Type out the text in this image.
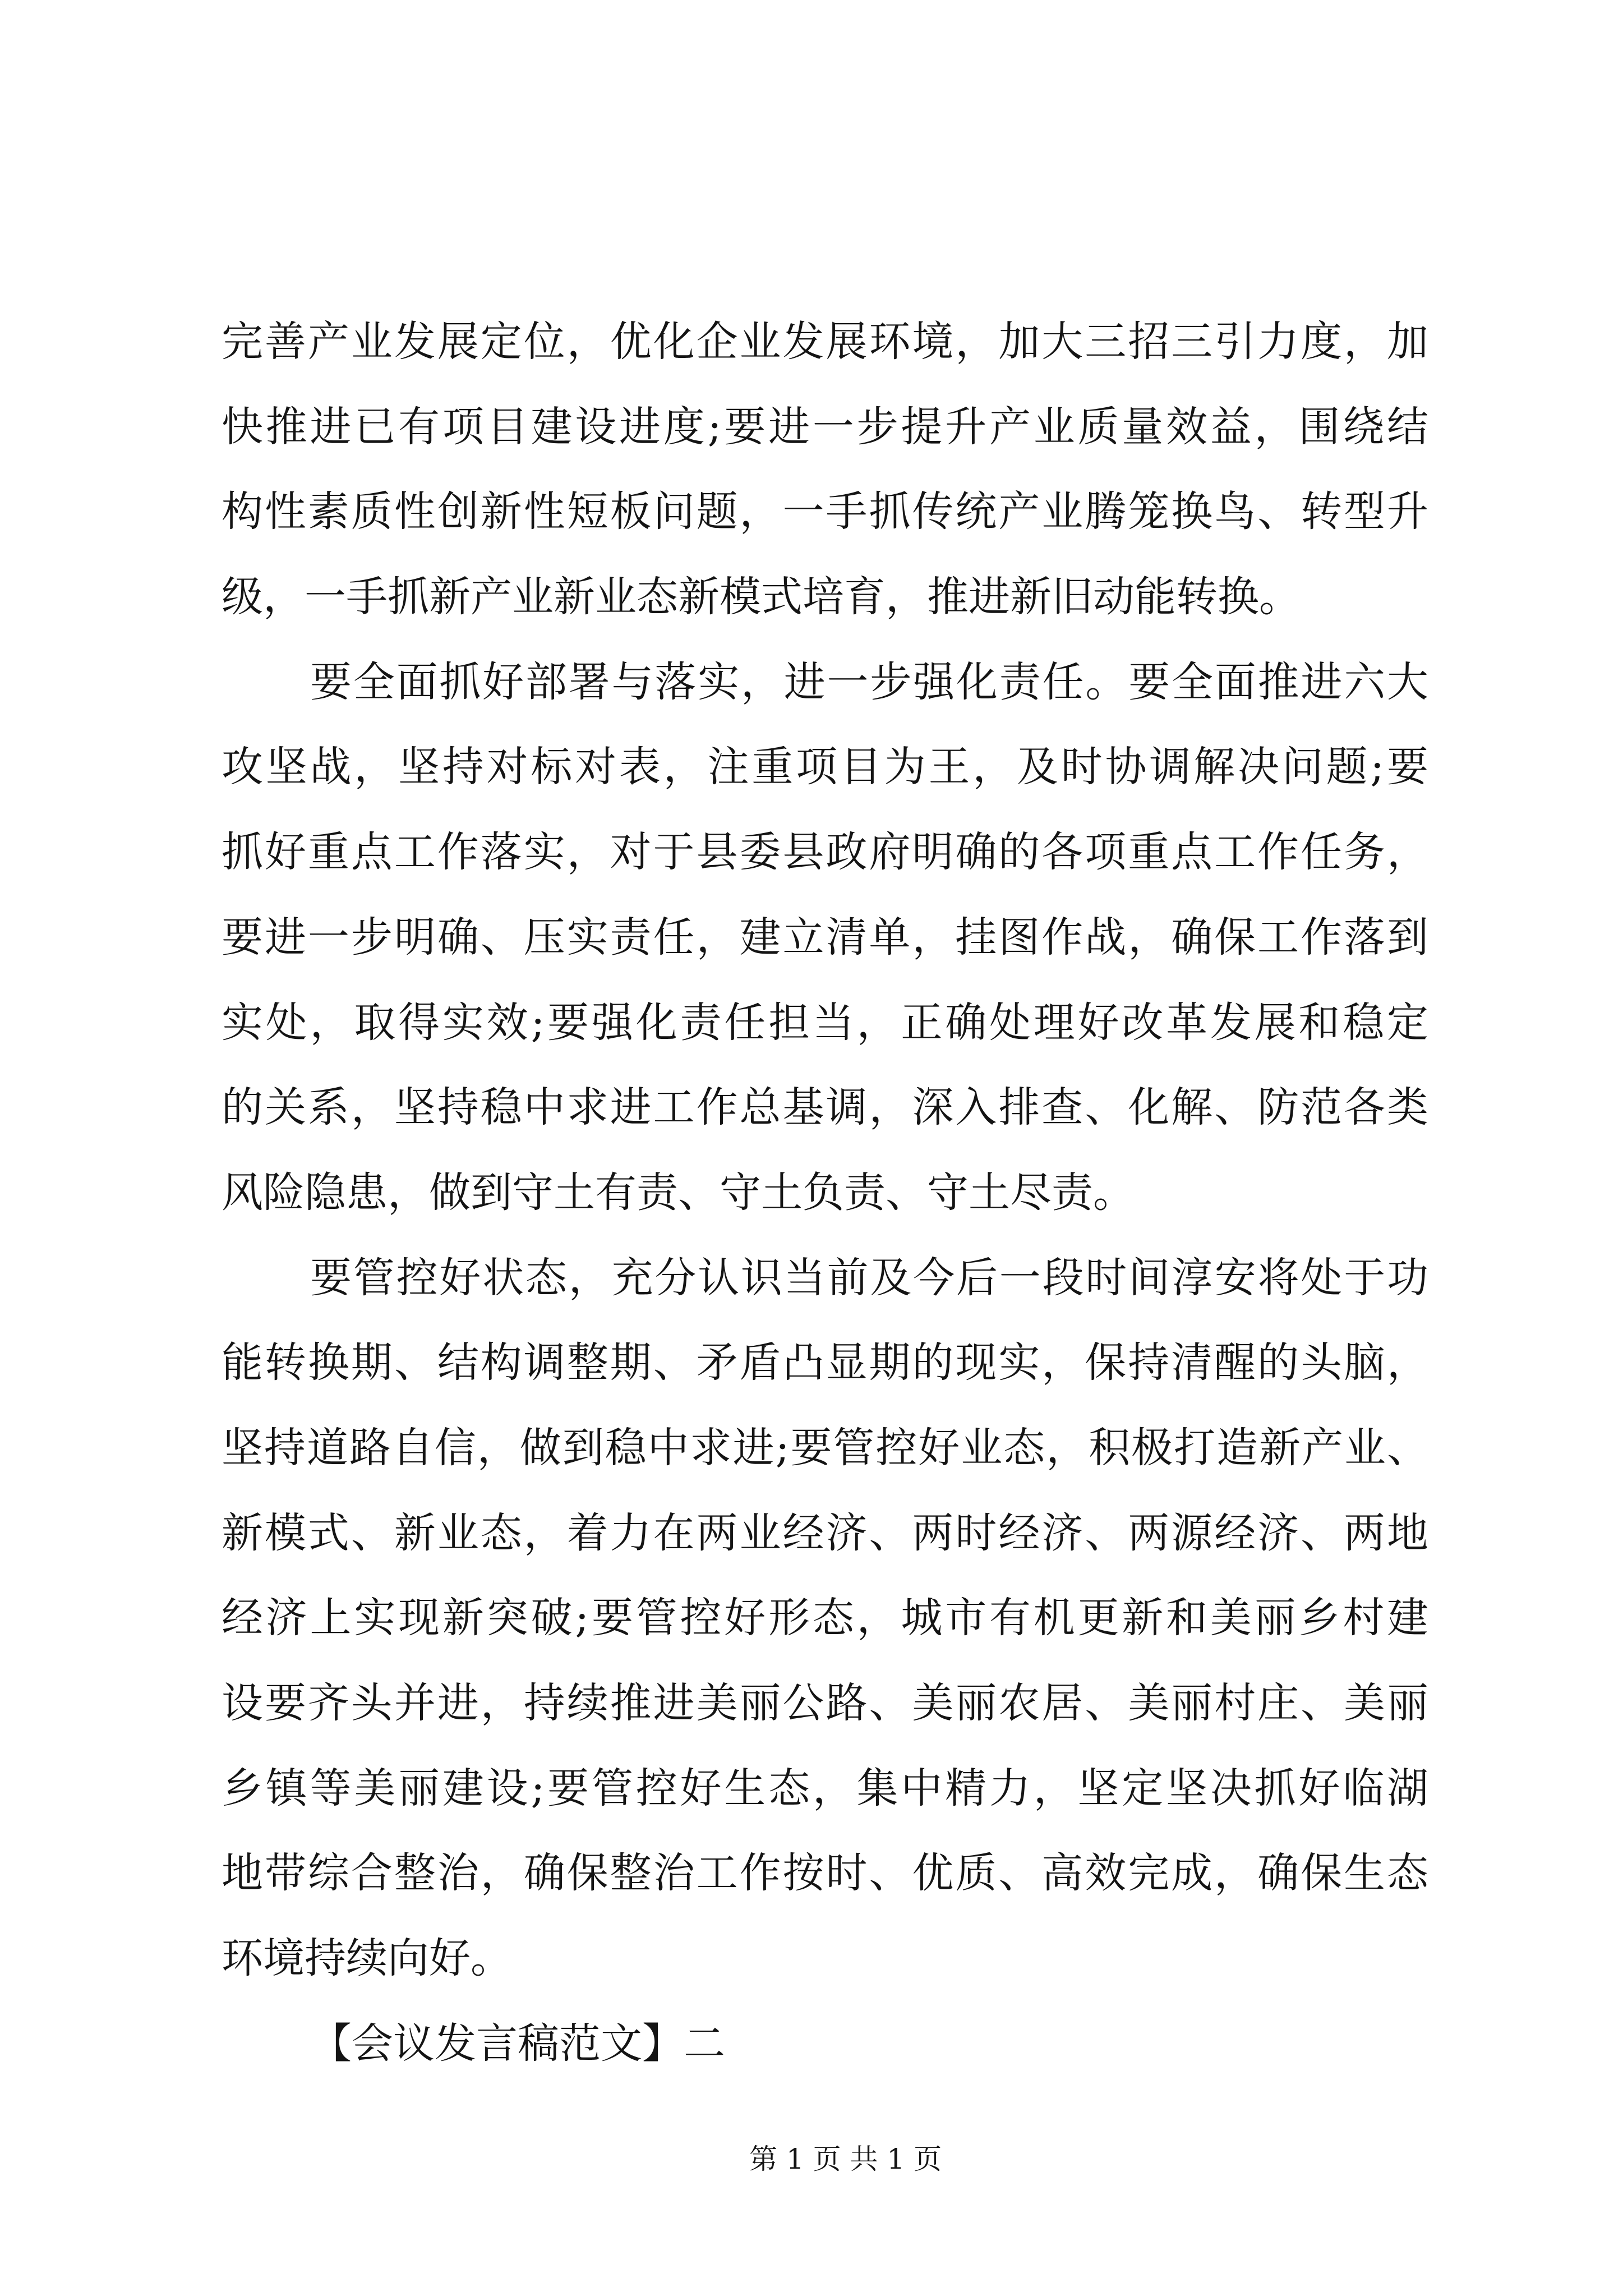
完善产业发展定位，优化企业发展环境，加大三招三引力度，加
快推进已有项目建设进度;要进一步提升产业质量效益，围绕结
构性素质性创新性短板问题，一手抓传统产业腾笼换鸟、转型升
级，一手抓新产业新业态新模式培育，推进新旧动能转换。
要全面抓好部署与落实，进一步强化责任。要全面推进六大
攻坚战，坚持对标对表，注重项目为王，及时协调解决问题;要
抓好重点工作落实，对于县委县政府明确的各项重点工作任务，
要进一步明确、压实责任，建立清单，挂图作战，确保工作落到
实处，取得实效;要强化责任担当，正确处理好改革发展和稳定
的关系，坚持稳中求进工作总基调，深入排查、化解、防范各类
风险隐患，做到守土有责、守土负责、守土尽责。
要管控好状态，充分认识当前及今后一段时间淳安将处于功
能转换期、结构调整期、矛盾凸显期的现实，保持清醒的头脑，
坚持道路自信，做到稳中求进;要管控好业态，积极打造新产业、
新模式、新业态，着力在两业经济、两时经济、两源经济、两地
经济上实现新突破;要管控好形态，城市有机更新和美丽乡村建
设要齐头并进，持续推进美丽公路、美丽农居、美丽村庄、美丽
乡镇等美丽建设;要管控好生态，集中精力，坚定坚决抓好临湖
地带综合整治，确保整治工作按时、优质、高效完成，确保生态
环境持续向好。
【会议发言稿范文】二
第 1 页 共 1 页
